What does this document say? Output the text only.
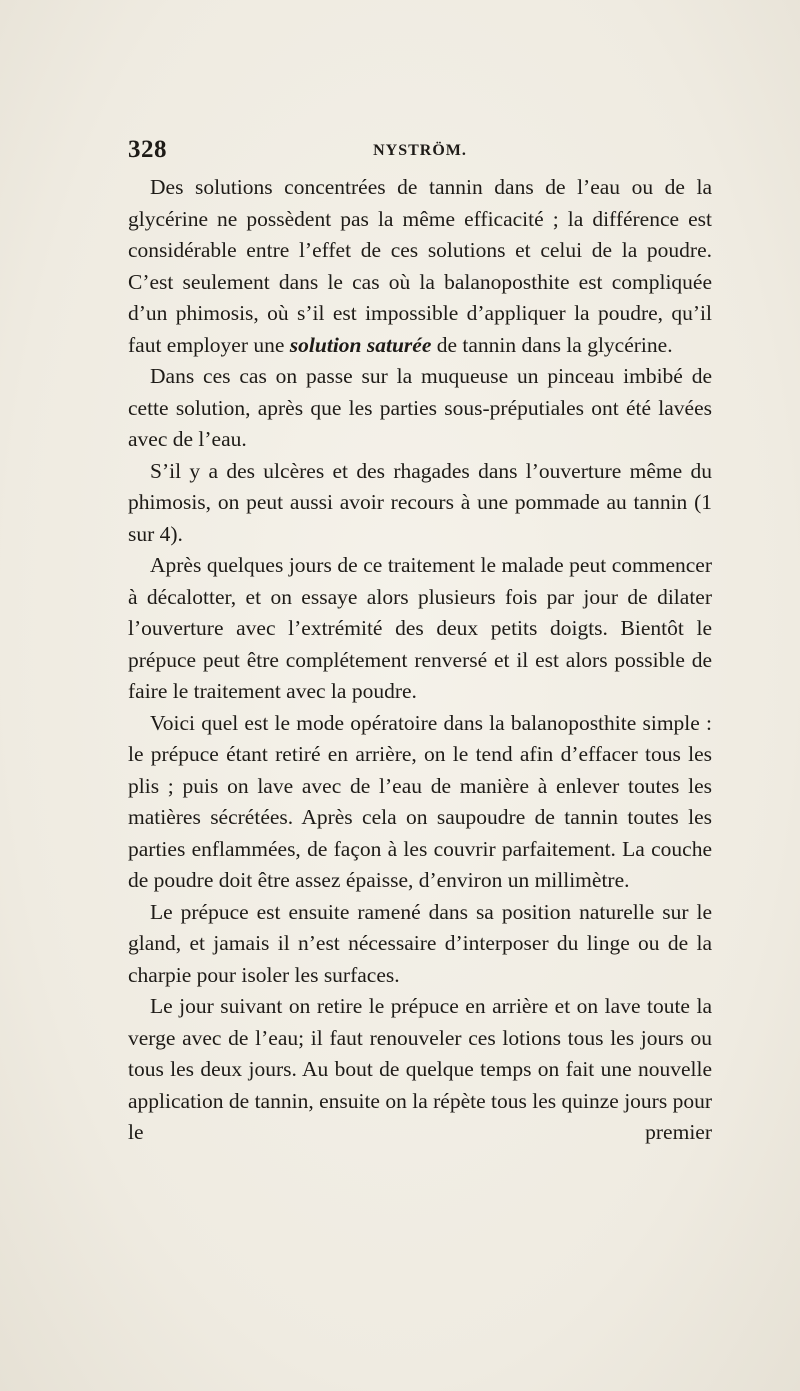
328	NYSTRÖM.

Des solutions concentrées de tannin dans de l’eau ou de la glycérine ne possèdent pas la même efficacité ; la différence est considérable entre l’effet de ces solutions et celui de la poudre. C’est seulement dans le cas où la balanoposthite est compliquée d’un phimosis, où s’il est impossible d’appliquer la poudre, qu’il faut employer une solution saturée de tannin dans la glycérine.

Dans ces cas on passe sur la muqueuse un pinceau imbibé de cette solution, après que les parties sous-préputiales ont été lavées avec de l’eau.

S’il y a des ulcères et des rhagades dans l’ouverture même du phimosis, on peut aussi avoir recours à une pommade au tannin (1 sur 4).

Après quelques jours de ce traitement le malade peut commencer à décalotter, et on essaye alors plusieurs fois par jour de dilater l’ouverture avec l’extrémité des deux petits doigts. Bientôt le prépuce peut être complétement renversé et il est alors possible de faire le traitement avec la poudre.

Voici quel est le mode opératoire dans la balanoposthite simple : le prépuce étant retiré en arrière, on le tend afin d’effacer tous les plis ; puis on lave avec de l’eau de manière à enlever toutes les matières sécrétées. Après cela on saupoudre de tannin toutes les parties enflammées, de façon à les couvrir parfaitement. La couche de poudre doit être assez épaisse, d’environ un millimètre.

Le prépuce est ensuite ramené dans sa position naturelle sur le gland, et jamais il n’est nécessaire d’interposer du linge ou de la charpie pour isoler les surfaces.

Le jour suivant on retire le prépuce en arrière et on lave toute la verge avec de l’eau; il faut renouveler ces lotions tous les jours ou tous les deux jours. Au bout de quelque temps on fait une nouvelle application de tannin, ensuite on la répète tous les quinze jours pour le premier
